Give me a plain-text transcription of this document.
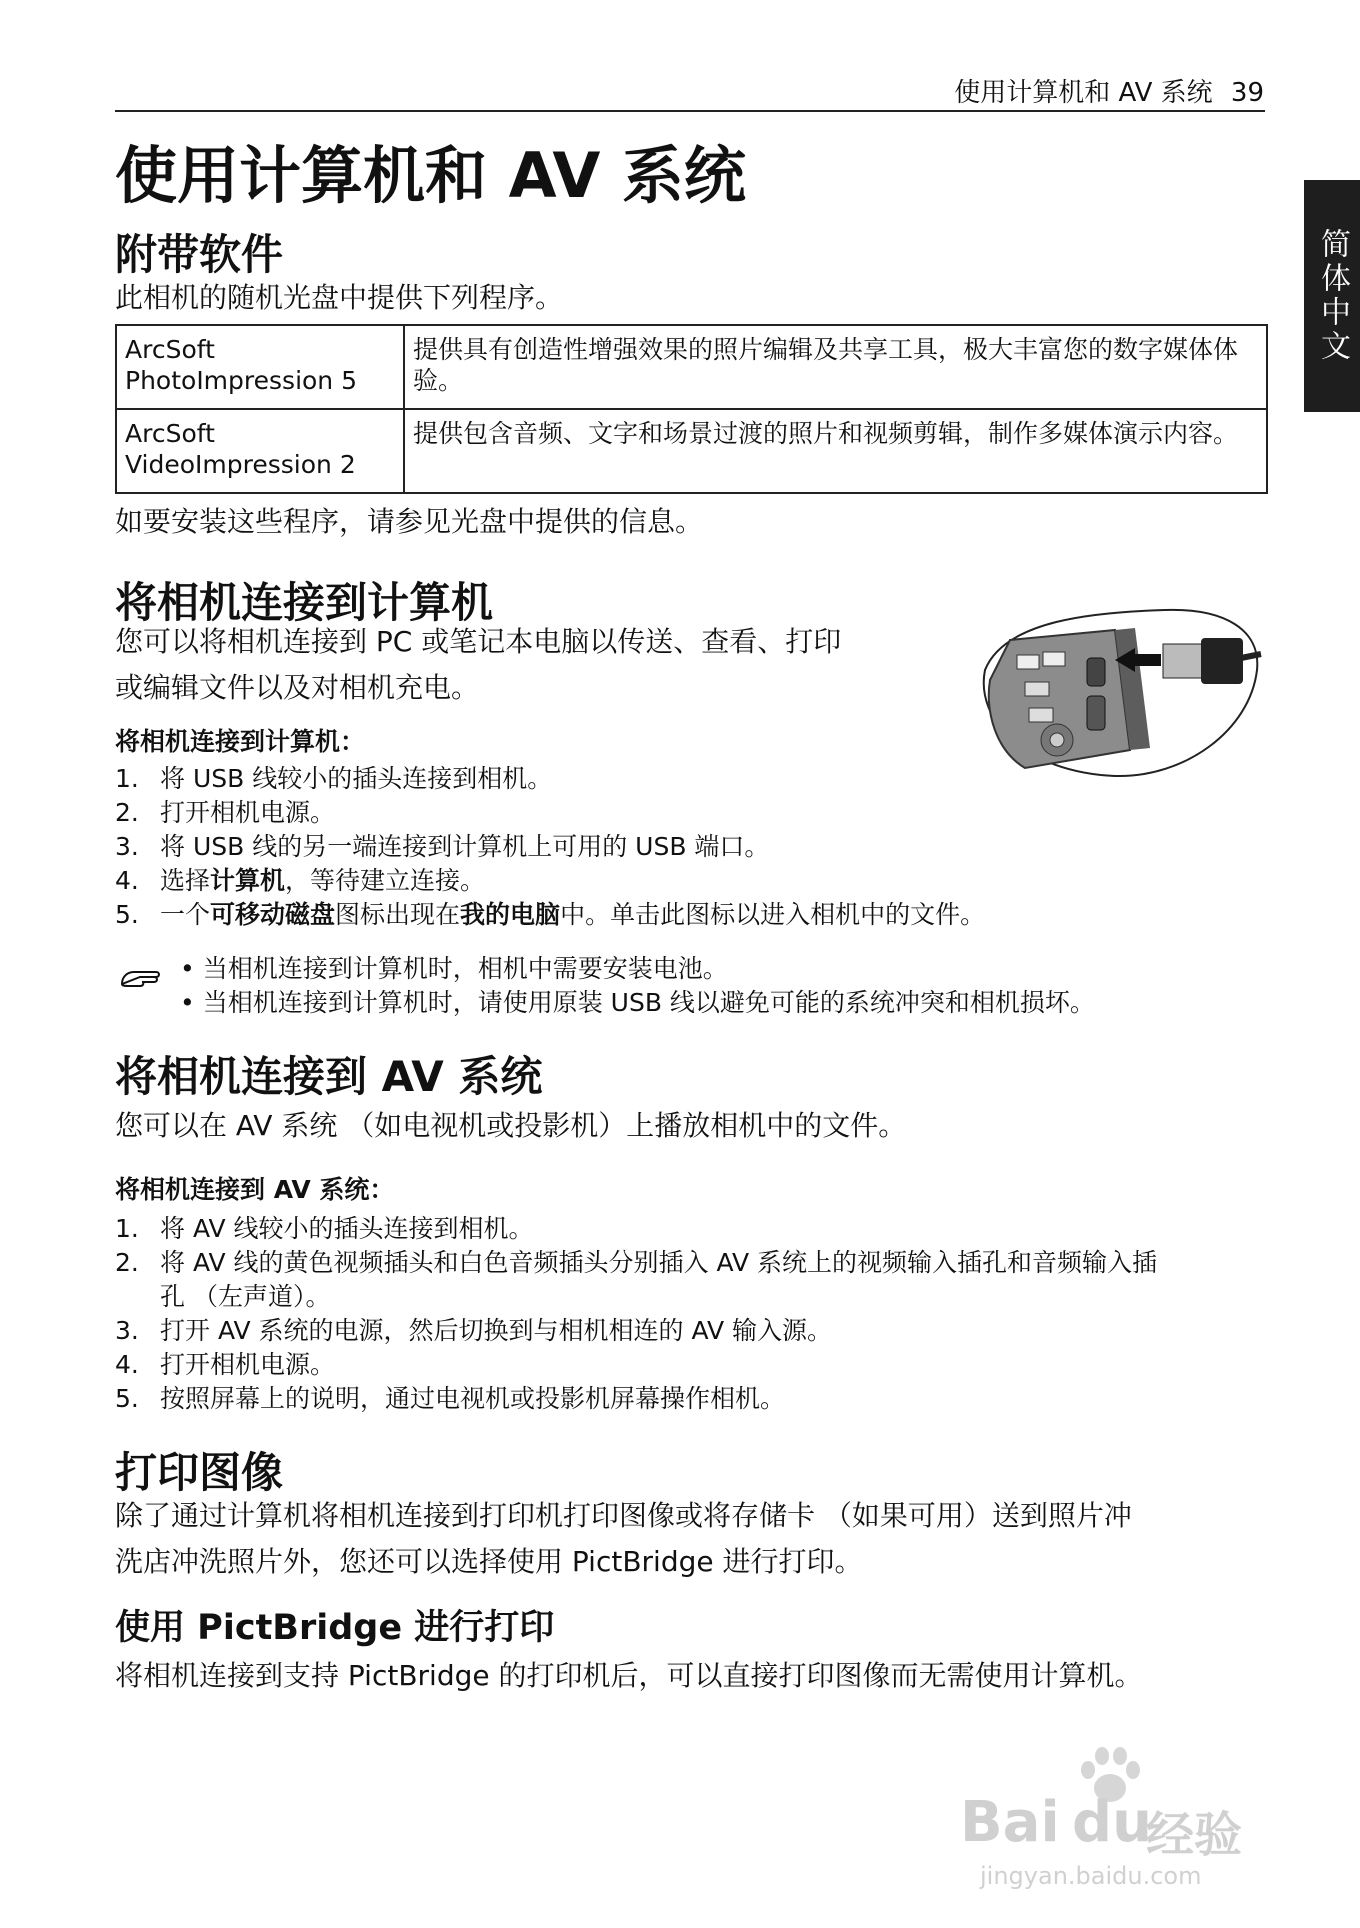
使用计算机和 AV 系统 39
简体中文
使用计算机和 AV 系统
附带软件
此相机的随机光盘中提供下列程序。
ArcSoft
PhotoImpression 5	提供具有创造性增强效果的照片编辑及共享工具，极大丰富您的数字媒体体验。

ArcSoft
VideoImpression 2	提供包含音频、文字和场景过渡的照片和视频剪辑，制作多媒体演示内容。
如要安装这些程序，请参见光盘中提供的信息。
将相机连接到计算机
您可以将相机连接到 PC 或笔记本电脑以传送、查看、打印
或编辑文件以及对相机充电。
将相机连接到计算机：
1. 将 USB 线较小的插头连接到相机。
2. 打开相机电源。
3. 将 USB 线的另一端连接到计算机上可用的 USB 端口。
4. 选择计算机，等待建立连接。
5. 一个可移动磁盘图标出现在我的电脑中。单击此图标以进入相机中的文件。
• 当相机连接到计算机时，相机中需要安装电池。
• 当相机连接到计算机时，请使用原装 USB 线以避免可能的系统冲突和相机损坏。
将相机连接到 AV 系统
您可以在 AV 系统 （如电视机或投影机）上播放相机中的文件。
将相机连接到 AV 系统：
1. 将 AV 线较小的插头连接到相机。
2. 将 AV 线的黄色视频插头和白色音频插头分别插入 AV 系统上的视频输入插孔和音频输入插
孔 （左声道）。
3. 打开 AV 系统的电源，然后切换到与相机相连的 AV 输入源。
4. 打开相机电源。
5. 按照屏幕上的说明，通过电视机或投影机屏幕操作相机。
打印图像
除了通过计算机将相机连接到打印机打印图像或将存储卡 （如果可用）送到照片冲
洗店冲洗照片外，您还可以选择使用 PictBridge 进行打印。
使用 PictBridge 进行打印
将相机连接到支持 PictBridge 的打印机后，可以直接打印图像而无需使用计算机。
Bai du
经验
jingyan.baidu.com
